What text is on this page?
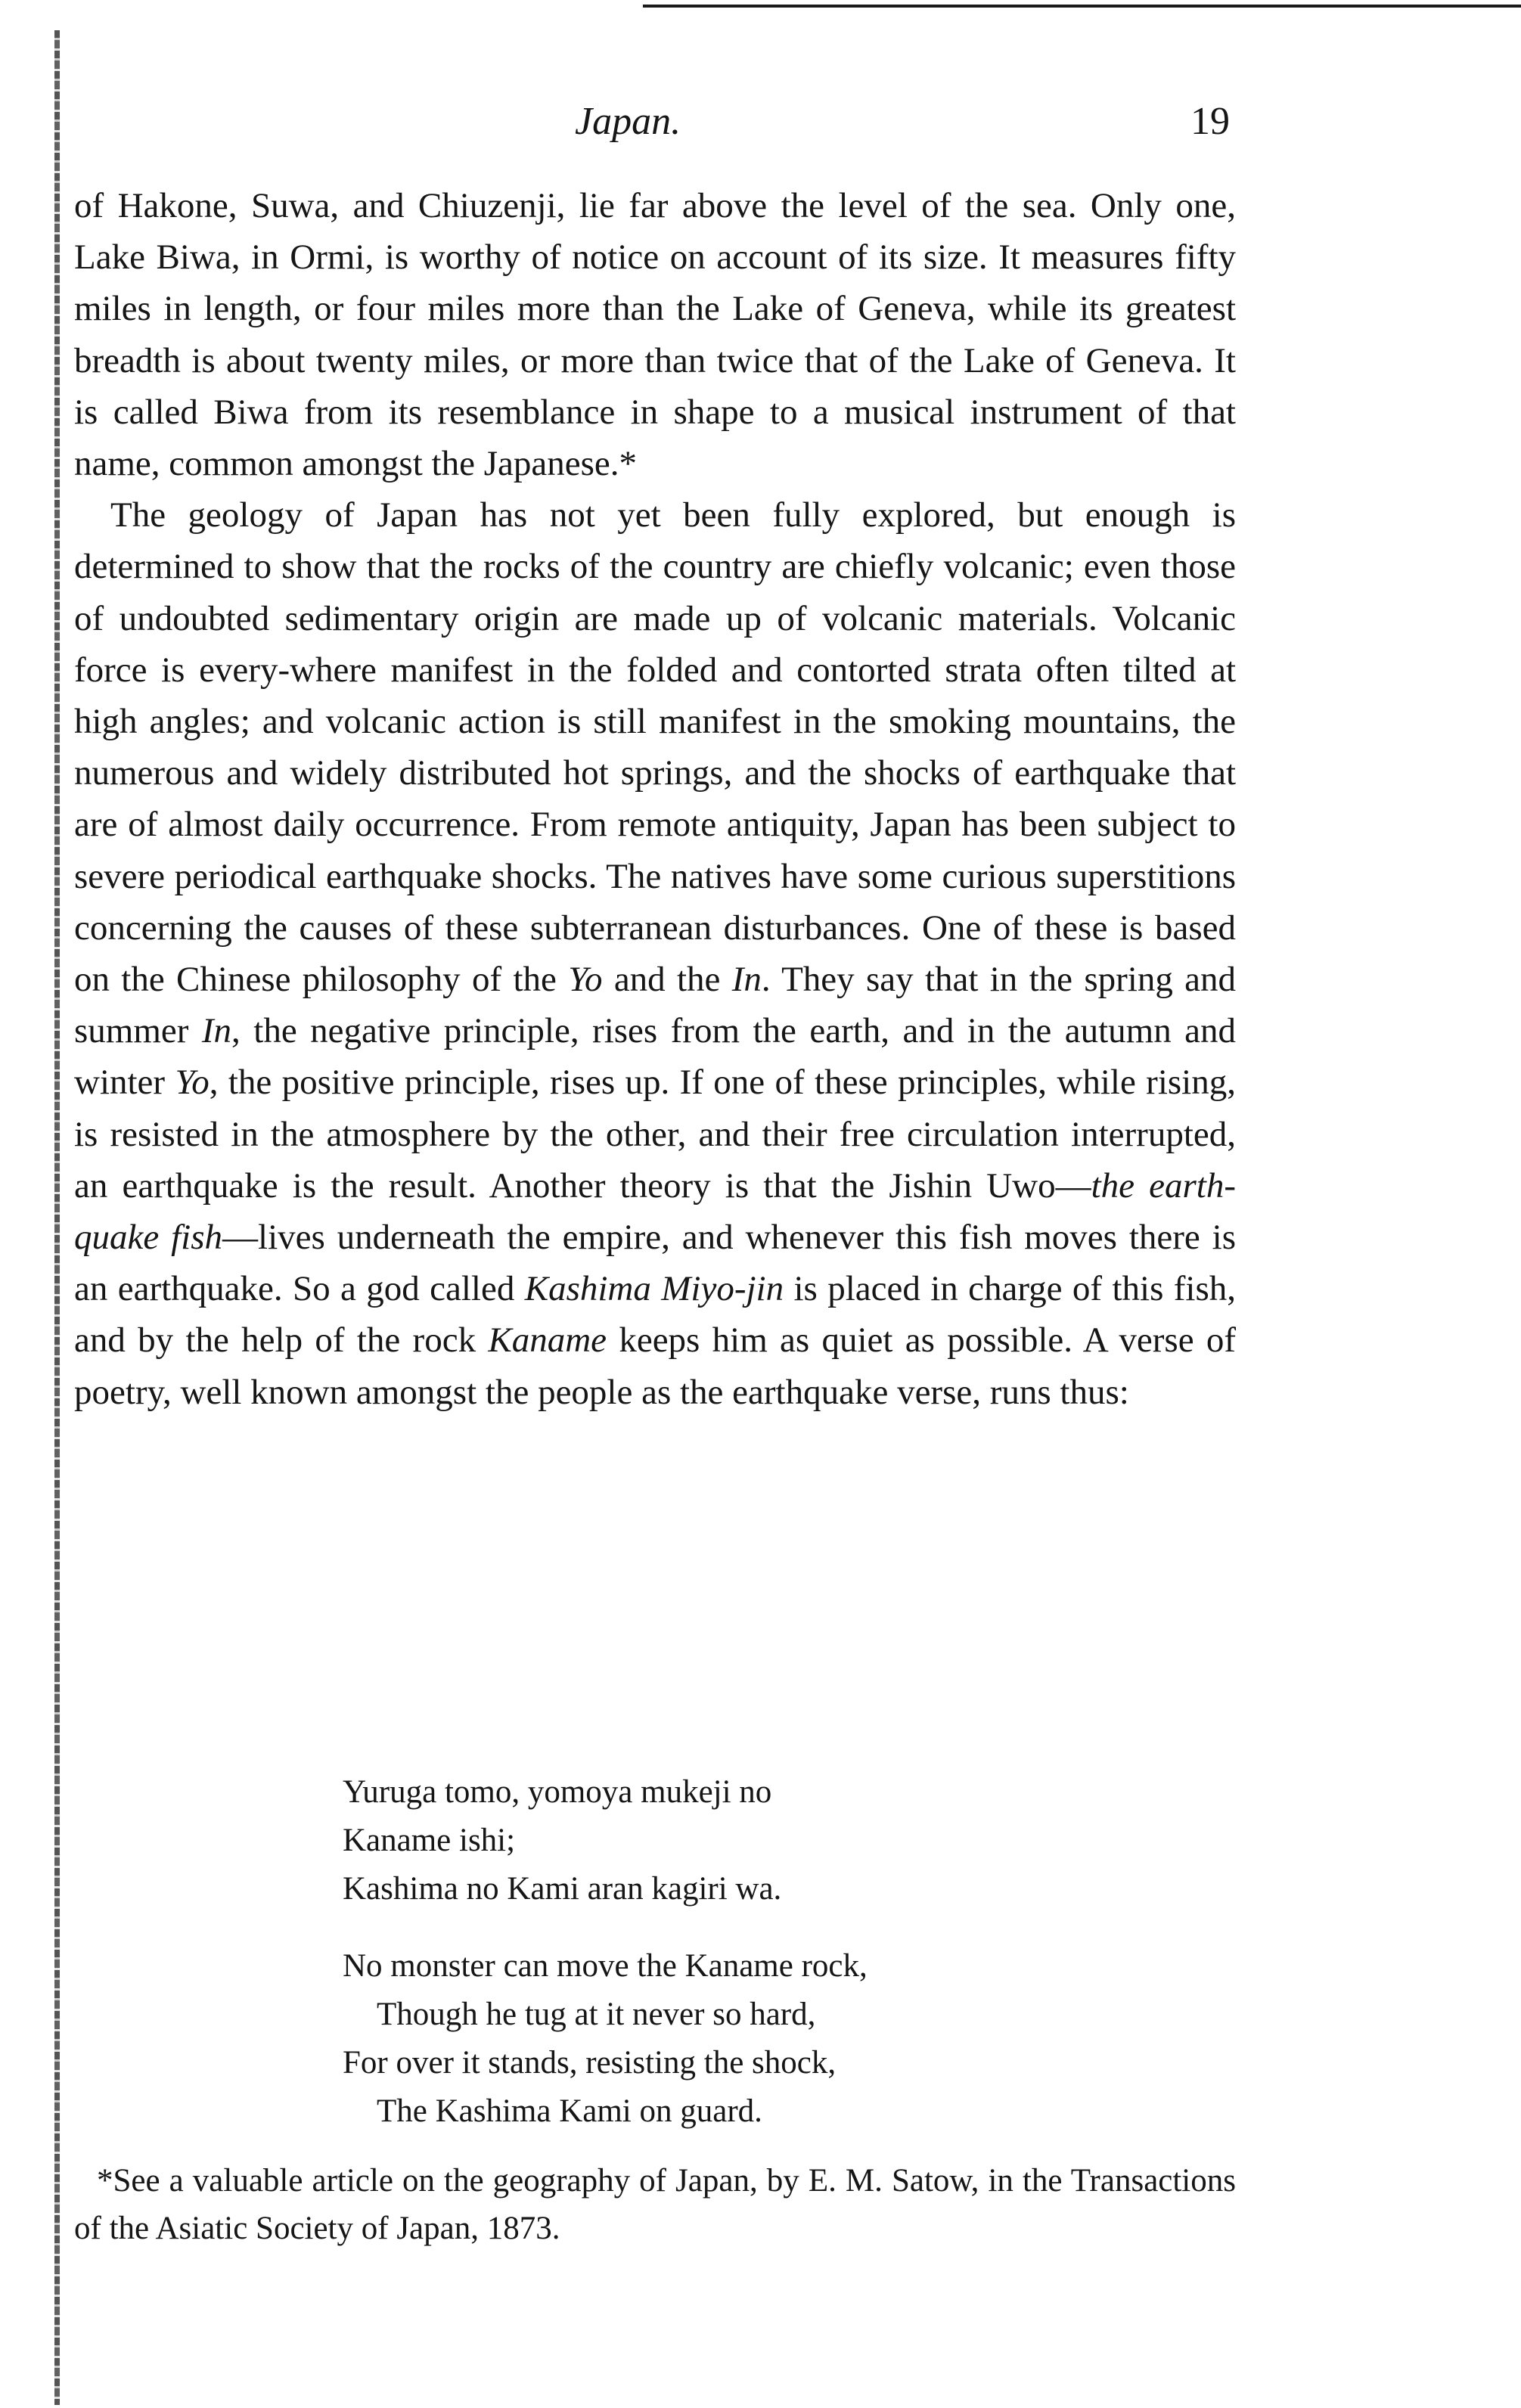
Japan.	19

of Hakone, Suwa, and Chiuzenji, lie far above the level of the sea. Only one, Lake Biwa, in Ormi, is worthy of notice on account of its size. It measures fifty miles in length, or four miles more than the Lake of Geneva, while its greatest breadth is about twenty miles, or more than twice that of the Lake of Geneva. It is called Biwa from its resemblance in shape to a musical instrument of that name, common amongst the Japanese.*

The geology of Japan has not yet been fully explored, but enough is determined to show that the rocks of the country are chiefly volcanic; even those of undoubted sedimentary origin are made up of volcanic materials. Volcanic force is every-where manifest in the folded and contorted strata often tilted at high angles; and volcanic action is still manifest in the smoking mountains, the numerous and widely distributed hot springs, and the shocks of earthquake that are of almost daily occurrence. From remote antiquity, Japan has been subject to severe periodical earthquake shocks. The natives have some curious superstitions concerning the causes of these subterranean disturbances. One of these is based on the Chinese philosophy of the Yo and the In. They say that in the spring and summer In, the negative principle, rises from the earth, and in the autumn and winter Yo, the positive principle, rises up. If one of these principles, while rising, is resisted in the atmosphere by the other, and their free circulation interrupted, an earthquake is the result. Another theory is that the Jishin Uwo—the earth-quake fish—lives underneath the empire, and whenever this fish moves there is an earthquake. So a god called Kashima Miyo-jin is placed in charge of this fish, and by the help of the rock Kaname keeps him as quiet as possible. A verse of poetry, well known amongst the people as the earthquake verse, runs thus:

Yuruga tomo, yomoya mukeji no
Kaname ishi;
Kashima no Kami aran kagiri wa.
No monster can move the Kaname rock,
Though he tug at it never so hard,
For over it stands, resisting the shock,
The Kashima Kami on guard.
*See a valuable article on the geography of Japan, by E. M. Satow, in the Transactions of the Asiatic Society of Japan, 1873.
